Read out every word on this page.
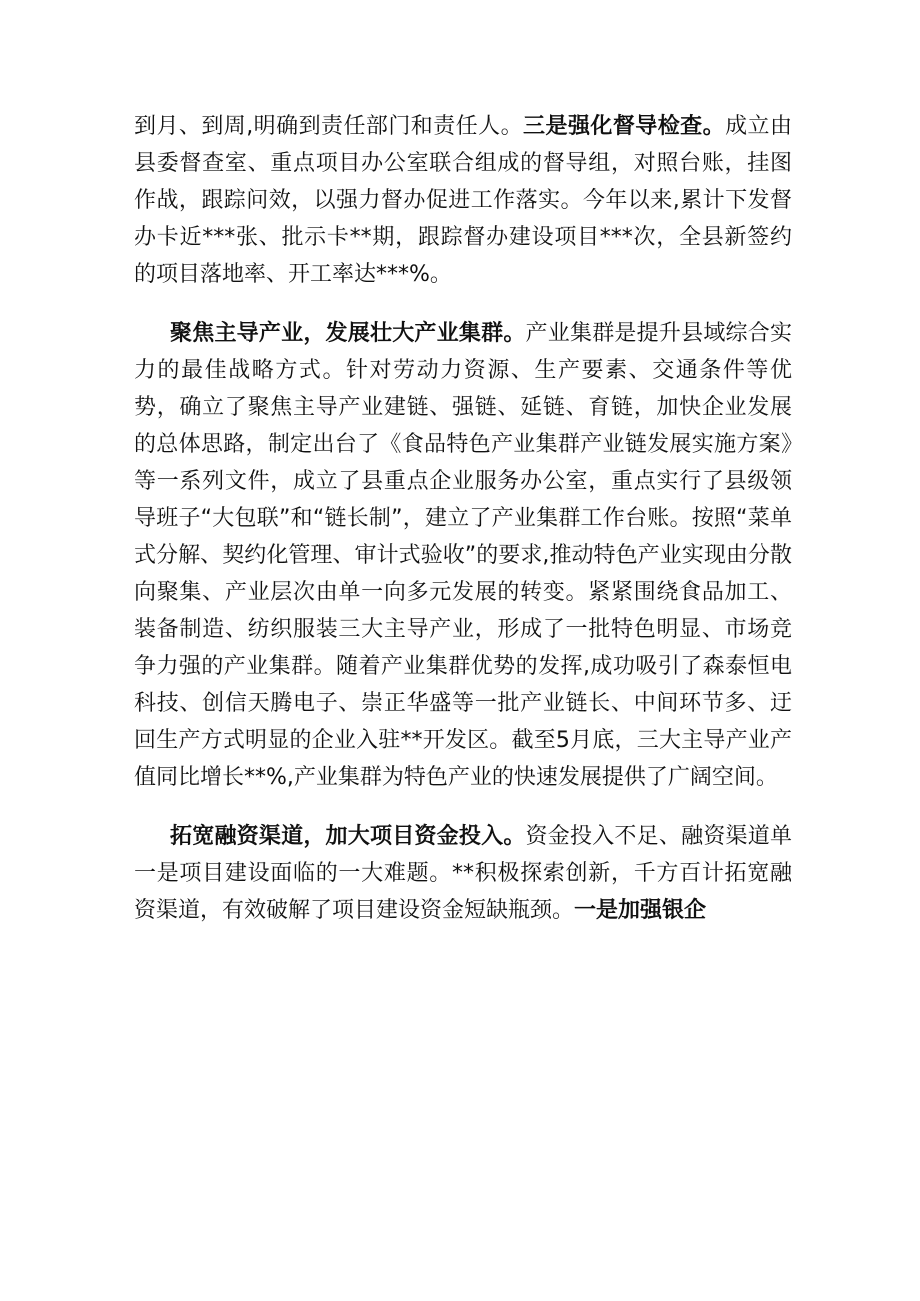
到月、到周,明确到责任部门和责任人。三是强化督导检查。成立由县委督查室、重点项目办公室联合组成的督导组，对照台账，挂图作战，跟踪问效，以强力督办促进工作落实。今年以来,累计下发督办卡近***张、批示卡**期，跟踪督办建设项目***次，全县新签约的项目落地率、开工率达***%。

聚焦主导产业，发展壮大产业集群。产业集群是提升县域综合实力的最佳战略方式。针对劳动力资源、生产要素、交通条件等优势，确立了聚焦主导产业建链、强链、延链、育链，加快企业发展的总体思路，制定出台了《食品特色产业集群产业链发展实施方案》等一系列文件，成立了县重点企业服务办公室，重点实行了县级领导班子“大包联”和“链长制”，建立了产业集群工作台账。按照“菜单式分解、契约化管理、审计式验收”的要求,推动特色产业实现由分散向聚集、产业层次由单一向多元发展的转变。紧紧围绕食品加工、装备制造、纺织服装三大主导产业，形成了一批特色明显、市场竞争力强的产业集群。随着产业集群优势的发挥,成功吸引了森泰恒电科技、创信天腾电子、崇正华盛等一批产业链长、中间环节多、迂回生产方式明显的企业入驻**开发区。截至5月底，三大主导产业产值同比增长**%,产业集群为特色产业的快速发展提供了广阔空间。

拓宽融资渠道，加大项目资金投入。资金投入不足、融资渠道单一是项目建设面临的一大难题。**积极探索创新，千方百计拓宽融资渠道，有效破解了项目建设资金短缺瓶颈。一是加强银企
